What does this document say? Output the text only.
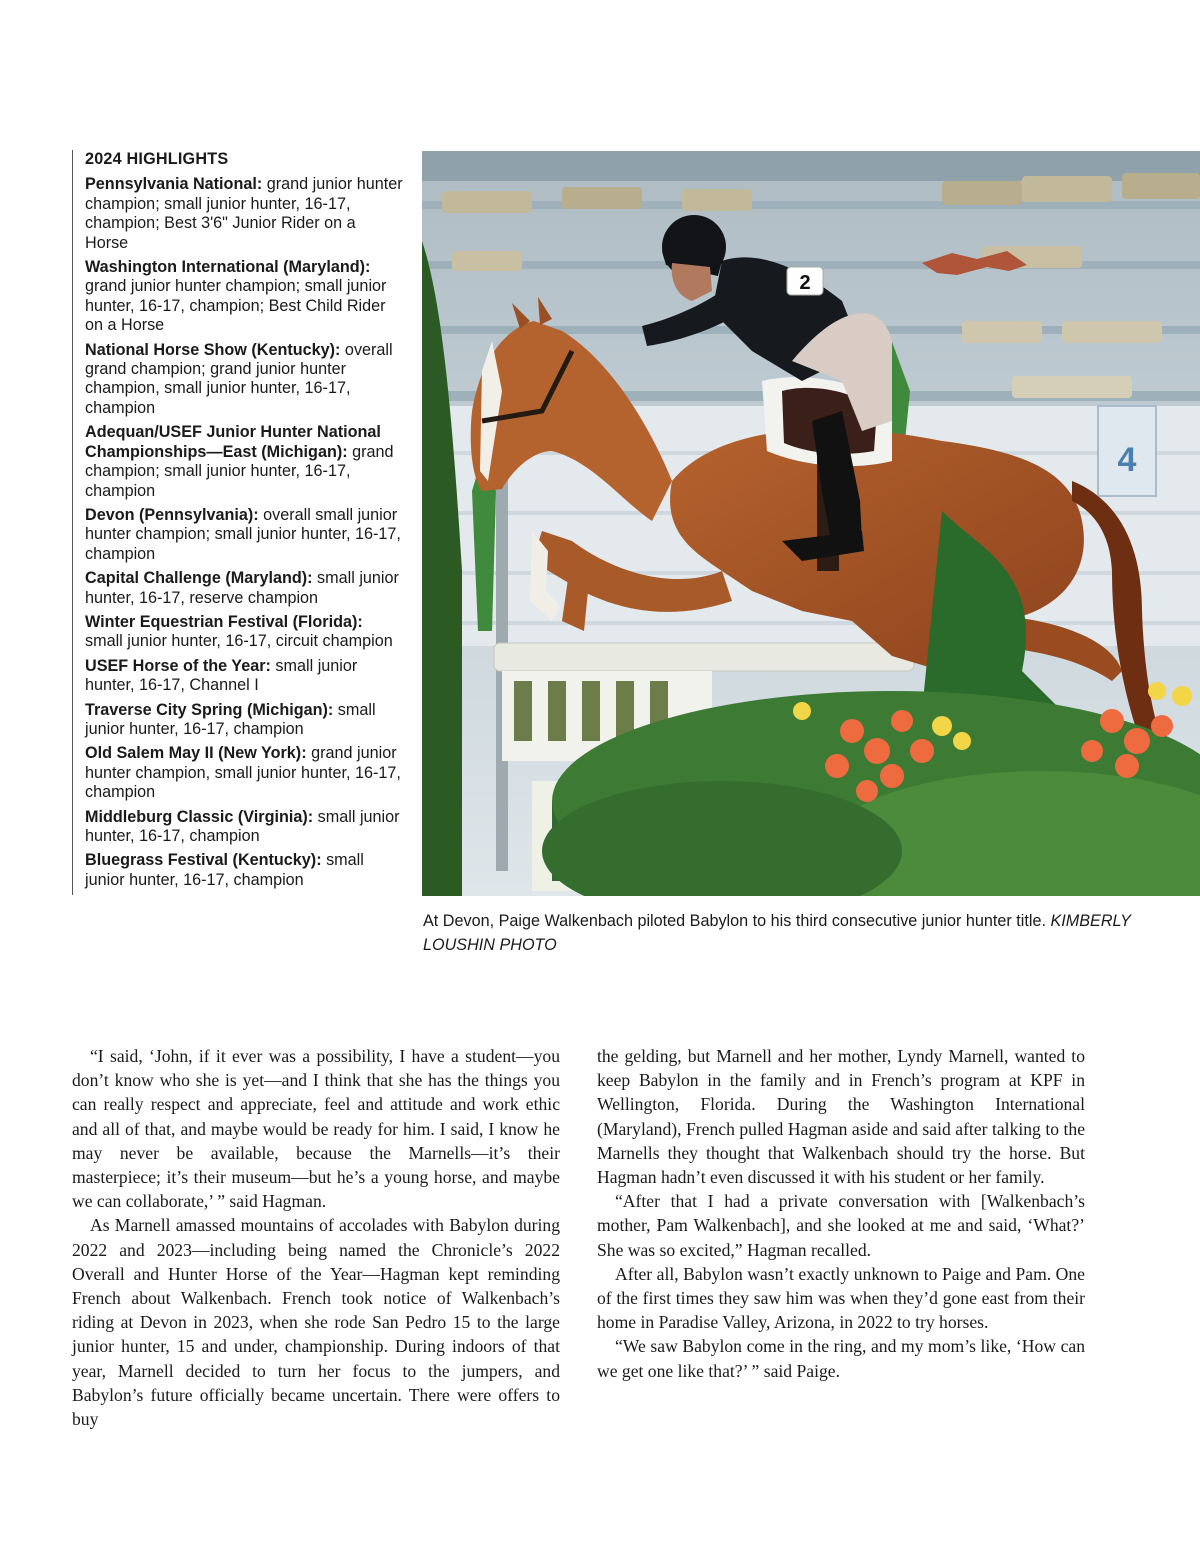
2024 HIGHLIGHTS
Pennsylvania National: grand junior hunter champion; small junior hunter, 16-17, champion; Best 3'6" Junior Rider on a Horse
Washington International (Maryland): grand junior hunter champion; small junior hunter, 16-17, champion; Best Child Rider on a Horse
National Horse Show (Kentucky): overall grand champion; grand junior hunter champion, small junior hunter, 16-17, champion
Adequan/USEF Junior Hunter National Championships—East (Michigan): grand champion; small junior hunter, 16-17, champion
Devon (Pennsylvania): overall small junior hunter champion; small junior hunter, 16-17, champion
Capital Challenge (Maryland): small junior hunter, 16-17, reserve champion
Winter Equestrian Festival (Florida): small junior hunter, 16-17, circuit champion
USEF Horse of the Year: small junior hunter, 16-17, Channel I
Traverse City Spring (Michigan): small junior hunter, 16-17, champion
Old Salem May II (New York): grand junior hunter champion, small junior hunter, 16-17, champion
Middleburg Classic (Virginia): small junior hunter, 16-17, champion
Bluegrass Festival (Kentucky): small junior hunter, 16-17, champion
4
2
At Devon, Paige Walkenbach piloted Babylon to his third consecutive junior hunter title. KIMBERLY LOUSHIN PHOTO

“I said, ‘John, if it ever was a possibility, I have a student—you don’t know who she is yet—and I think that she has the things you can really respect and appreciate, feel and attitude and work ethic and all of that, and maybe would be ready for him. I said, I know he may never be available, because the Marnells—it’s their masterpiece; it’s their museum—but he’s a young horse, and maybe we can collaborate,’ ” said Hagman.

As Marnell amassed mountains of accolades with Babylon during 2022 and 2023—including being named the Chronicle’s 2022 Overall and Hunter Horse of the Year—Hagman kept reminding French about Walkenbach. French took notice of Walkenbach’s riding at Devon in 2023, when she rode San Pedro 15 to the large junior hunter, 15 and under, championship. During indoors of that year, Marnell decided to turn her focus to the jumpers, and Babylon’s future officially became uncertain. There were offers to buy

the gelding, but Marnell and her mother, Lyndy Marnell, wanted to keep Babylon in the family and in French’s program at KPF in Wellington, Florida. During the Washington International (Maryland), French pulled Hagman aside and said after talking to the Marnells they thought that Walkenbach should try the horse. But Hagman hadn’t even discussed it with his student or her family.

“After that I had a private conversation with [Walkenbach’s mother, Pam Walkenbach], and she looked at me and said, ‘What?’ She was so excited,” Hagman recalled.

After all, Babylon wasn’t exactly unknown to Paige and Pam. One of the first times they saw him was when they’d gone east from their home in Paradise Valley, Arizona, in 2022 to try horses.

“We saw Babylon come in the ring, and my mom’s like, ‘How can we get one like that?’ ” said Paige.
